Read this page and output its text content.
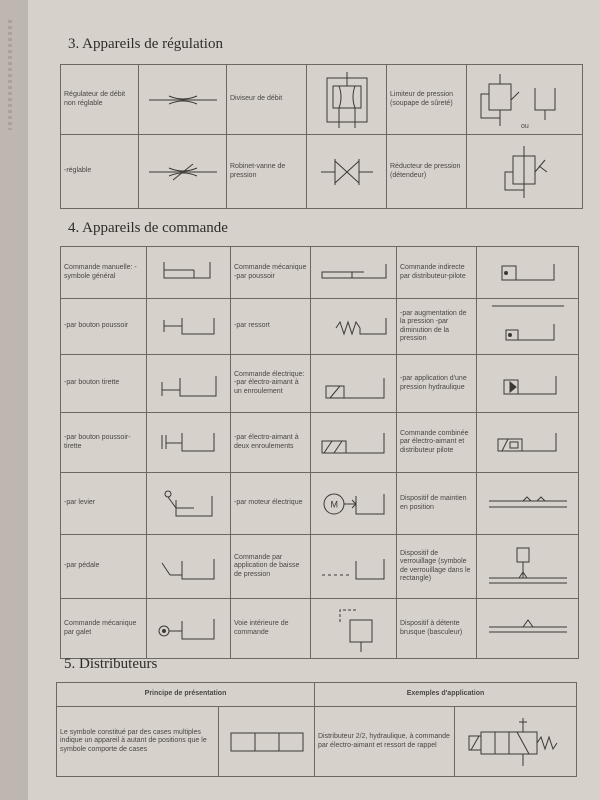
3. Appareils de régulation
Régulateur de débit non réglable		Diviseur de débit		Limiteur de pression (soupape de sûreté)	ou

-réglable		Robinet-vanne de pression		Réducteur de pression (détendeur)	
4. Appareils de commande
Commande manuelle: -symbole général		Commande mécanique -par poussoir		Commande indirecte par distributeur-pilote	

-par bouton poussoir		-par ressort		-par augmentation de la pression -par diminution de la pression	

-par bouton tirette		Commande électrique: -par électro-aimant à un enroulement		-par application d'une pression hydraulique	

-par bouton poussoir-tirette		-par électro-aimant à deux enroulements		Commande combinée par électro-aimant et distributeur pilote	

-par levier		-par moteur électrique	M	Dispositif de maintien en position	

-par pédale		Commande par application de baisse de pression		Dispositif de verrouillage (symbole de verrouillage dans le rectangle)	

Commande mécanique par galet		Voie intérieure de commande		Dispositif à détente brusque (basculeur)	
5. Distributeurs
Principe de présentation		Exemples d'application	
Le symbole constitué par des cases multiples indique un appareil à autant de positions que le symbole comporte de cases		Distributeur 2/2, hydraulique, à commande par électro-aimant et ressort de rappel	
